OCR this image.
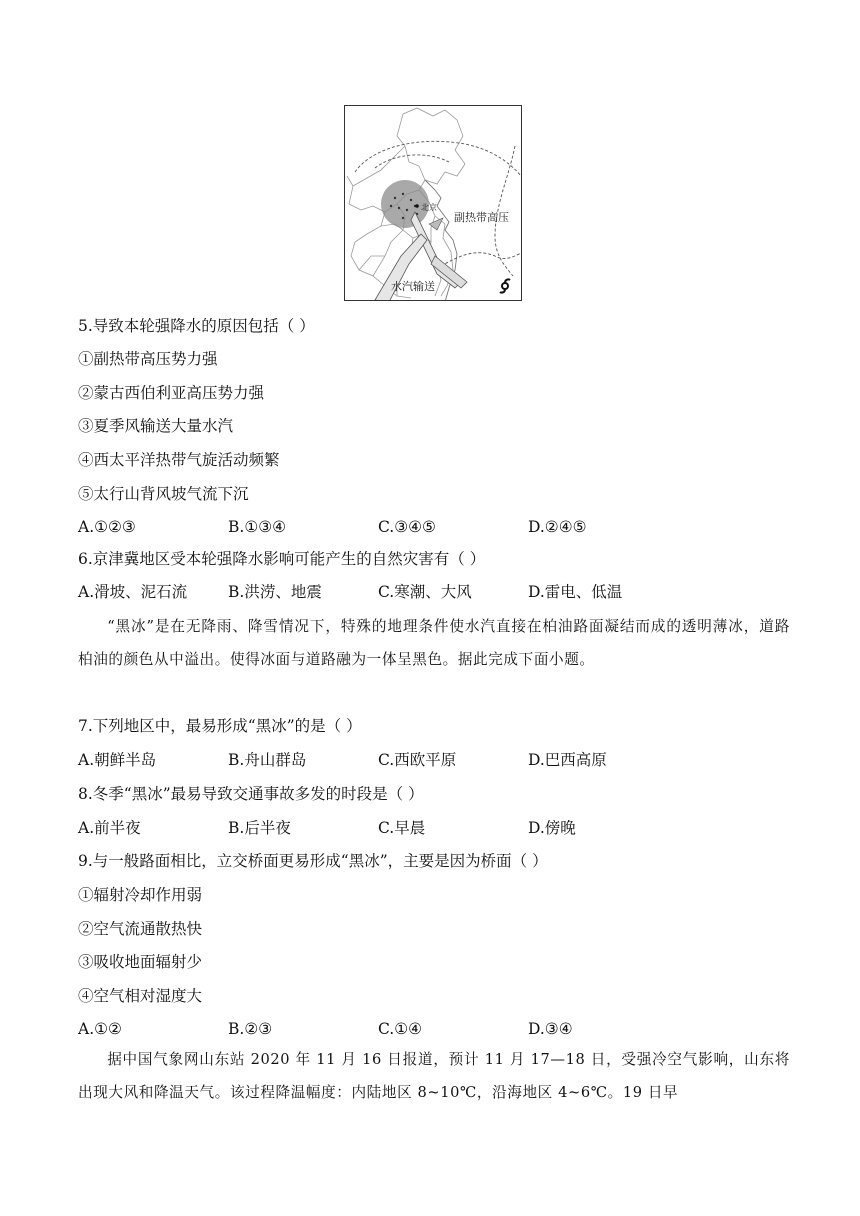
北京
副热带高压
水汽输送
5.导致本轮强降水的原因包括（ ）
①副热带高压势力强
②蒙古西伯利亚高压势力强
③夏季风输送大量水汽
④西太平洋热带气旋活动频繁
⑤太行山背风坡气流下沉
A.①②③	B.①③④	C.③④⑤	D.②④⑤
6.京津冀地区受本轮强降水影响可能产生的自然灾害有（ ）
A.滑坡、泥石流	B.洪涝、地震	C.寒潮、大风	D.雷电、低温

“黑冰”是在无降雨、降雪情况下，特殊的地理条件使水汽直接在柏油路面凝结而成的透明薄冰，道路柏油的颜色从中溢出。使得冰面与道路融为一体呈黑色。据此完成下面小题。

7.下列地区中，最易形成“黑冰”的是（ ）
A.朝鲜半岛	B.舟山群岛	C.西欧平原	D.巴西高原
8.冬季“黑冰”最易导致交通事故多发的时段是（ ）
A.前半夜	B.后半夜	C.早晨	D.傍晚
9.与一般路面相比，立交桥面更易形成“黑冰”，主要是因为桥面（ ）
①辐射冷却作用弱
②空气流通散热快
③吸收地面辐射少
④空气相对湿度大
A.①②	B.②③	C.①④	D.③④

据中国气象网山东站 2020 年 11 月 16 日报道，预计 11 月 17—18 日，受强冷空气影响，山东将出现大风和降温天气。该过程降温幅度：内陆地区 8~10℃，沿海地区 4~6℃。19 日早
